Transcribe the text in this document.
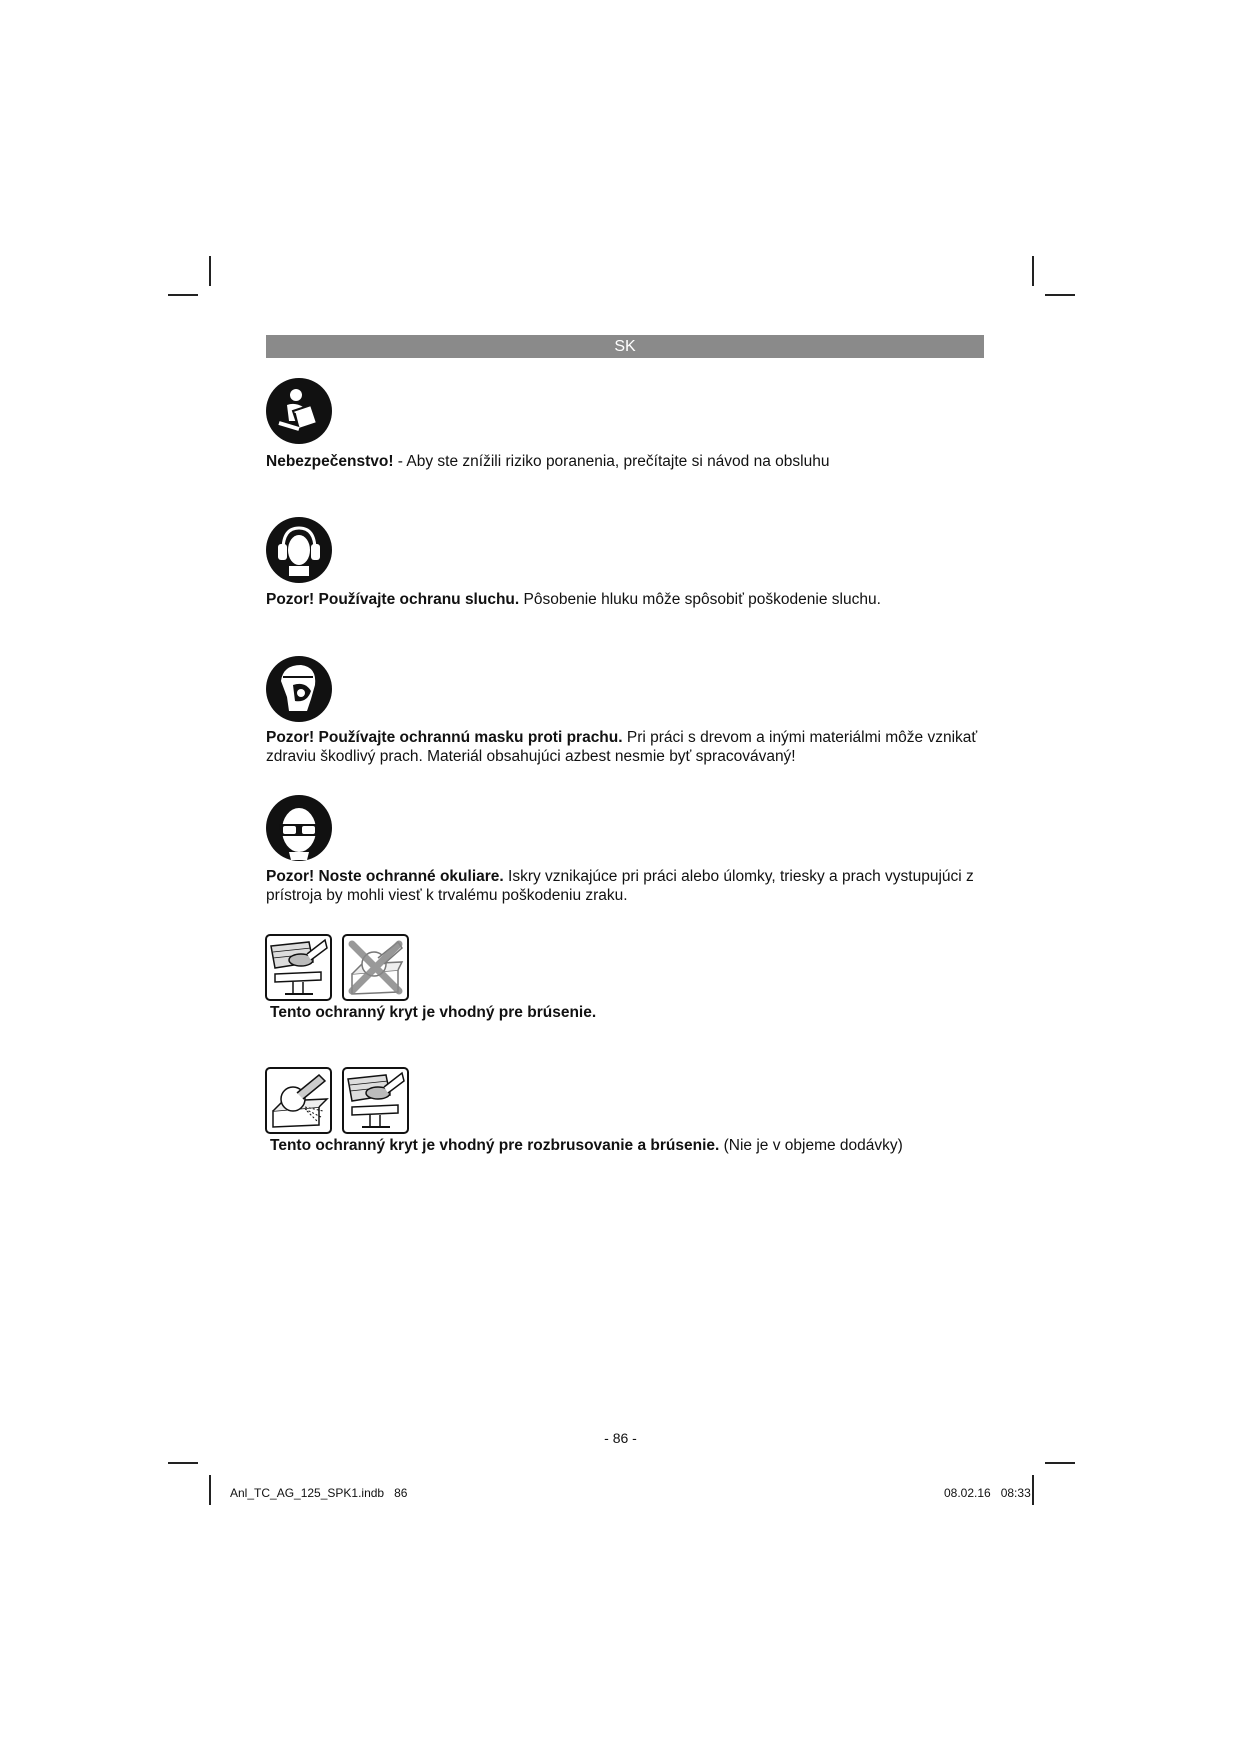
SK
Nebezpečenstvo! - Aby ste znížili riziko poranenia, prečítajte si návod na obsluhu
Pozor! Používajte ochranu sluchu. Pôsobenie hluku môže spôsobiť poškodenie sluchu.
Pozor! Používajte ochrannú masku proti prachu. Pri práci s drevom a inými materiálmi môže vznikať zdraviu škodlivý prach. Materiál obsahujúci azbest nesmie byť spracovávaný!
Pozor! Noste ochranné okuliare. Iskry vznikajúce pri práci alebo úlomky, triesky a prach vystupujúci z prístroja by mohli viesť k trvalému poškodeniu zraku.
Tento ochranný kryt je vhodný pre brúsenie.
Tento ochranný kryt je vhodný pre rozbrusovanie a brúsenie. (Nie je v objeme dodávky)
- 86 -
Anl_TC_AG_125_SPK1.indb   86	08.02.16   08:33
